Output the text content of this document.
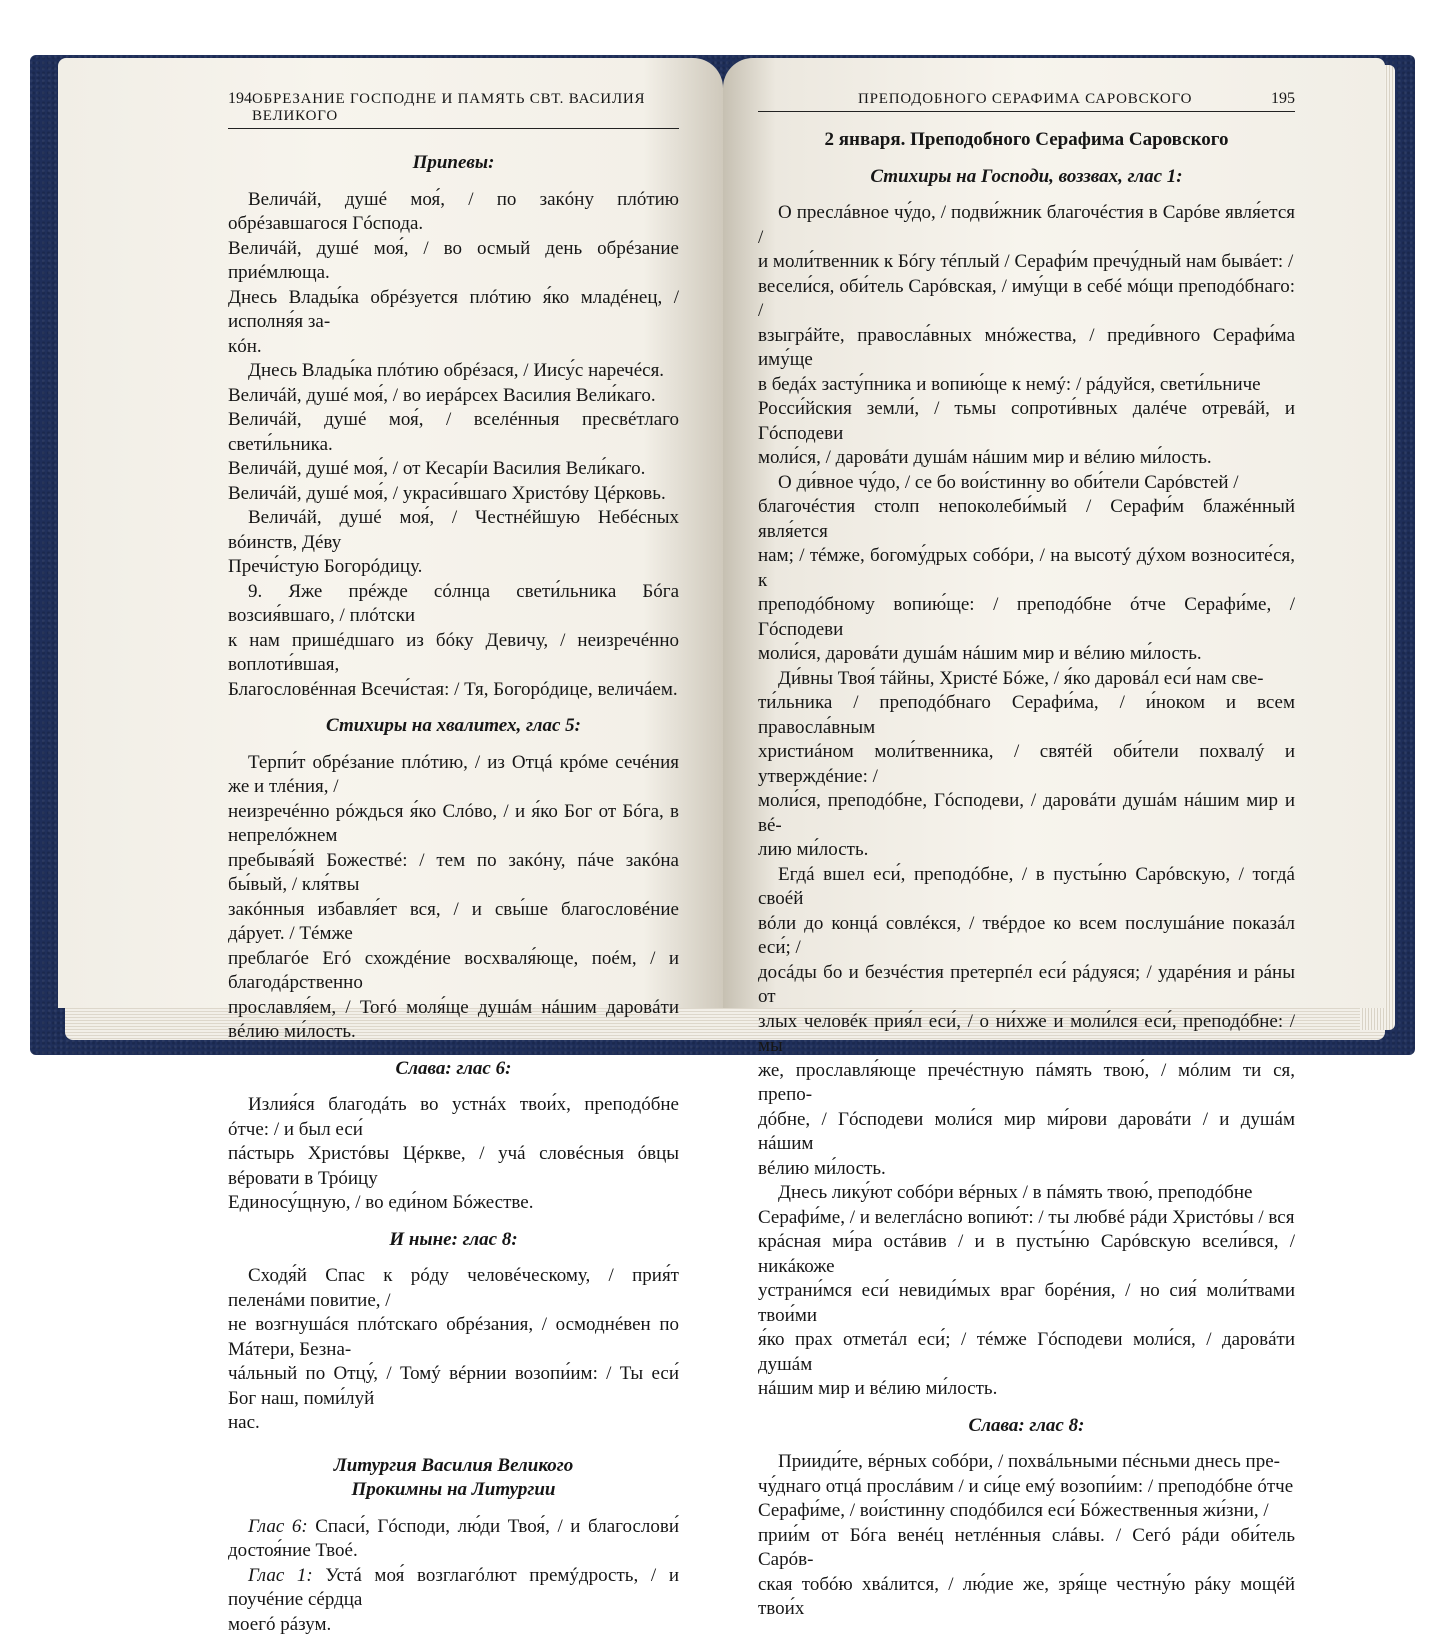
194 ОБРЕЗАНИЕ ГОСПОДНЕ И ПАМЯТЬ СВТ. ВАСИЛИЯ ВЕЛИКОГО

Припевы:

Величáй, душé моя́, / по закóну плóтию обрéзавшагося Гóспода.

Величáй, душé моя́, / во осмый день обрéзание приéмлюща.

Днесь Влады́ка обрéзуется плóтию я́ко младéнец, / исполня́я за-

кóн.

Днесь Влады́ка плóтию обрéзася, / Иису́с наречéся.

Величáй, душé моя́, / во иерáрсех Василия Вели́каго.

Величáй, душé моя́, / вселéнныя пресвéтлаго свети́льника.

Величáй, душé моя́, / от Кесарíи Василия Вели́каго.

Величáй, душé моя́, / украси́вшаго Христóву Цéрковь.

Величáй, душé моя́, / Честнéйшую Небéсных вóинств, Дéву

Пречи́стую Богорóдицу.

9. Яже прéжде сóлнца свети́льника Бóга возсия́вшаго, / плóтски

к нам пришéдшаго из бóку Девичу, / неизречéнно воплоти́вшая,

Благословéнная Всечи́стая: / Тя, Богорóдице, величáем.

Стихиры на хвалитех, глас 5:

Терпи́т обрéзание плóтию, / из Отцá крóме сечéния же и тлéния, /

неизречéнно рóждься я́ко Слóво, / и я́ко Бог от Бóга, в непрелóжнем

пребыва́яй Божествé: / тем по закóну, пáче закóна бы́вый, / кля́твы

закóнныя избавля́ет вся, / и свы́ше благословéние дáрует. / Тéмже

преблагóе Егó схождéние восхваля́юще, поéм, / и благодáрственно

прославля́ем, / Тогó моля́ще душáм нáшим даровáти вéлию ми́лость.

Слава: глас 6:

Излия́ся благодáть во устнáх твои́х, преподóбне óтче: / и был еси́

пáстырь Христóвы Цéркве, / учá словéсныя óвцы вéровати в Трóицу

Единосу́щную, / во еди́ном Бóжестве.

И ныне: глас 8:

Сходя́й Спас к рóду человéческому, / прия́т пеленáми повитие, /

не возгнушáся плóтскаго обрéзания, / осмоднéвен по Мáтери, Безна-

чáльный по Отцу́, / Томý вéрнии возопи́им: / Ты еси́ Бог наш, поми́луй

нас.

Литургия Василия Великого

Прокимны на Литургии

Глас 6: Спаси́, Гóсподи, лю́ди Твоя́, / и благослови́ достоя́ние Твоé.

Глас 1: Устá моя́ возглагóлют премýдрость, / и поучéние сéрдца

моегó рáзум.

ПРЕПОДОБНОГО СЕРАФИМА САРОВСКОГО	195

2 января. Преподобного Серафима Саровского

Стихиры на Господи, воззвах, глас 1:

О преслáвное чу́до, / подви́жник благочéстия в Сарóве явля́ется /

и моли́твенник к Бóгу тéплый / Серафи́м пречу́дный нам бывáет: /

весели́ся, оби́тель Сарóвская, / иму́щи в себé мóщи преподóбнаго: /

взыгрáйте, правосла́вных мнóжества, / преди́вного Серафи́ма иму́ще

в бедáх засту́пника и вопию́ще к немý: / рáдуйся, свети́льниче

Росси́йския земли́, / тьмы сопроти́вных далéче отрeвáй, и Гóсподеви

моли́ся, / даровáти душáм нáшим мир и вéлию ми́лость.

О ди́вное чу́до, / се бо вои́стинну во оби́тели Сарóвстей /

благочéстия столп непоколеби́мый / Серафи́м блажéнный явля́ется

нам; / тéмже, богому́дрых собóри, / на высотý дýхом возносите́ся, к

преподóбному вопию́ще: / преподóбне óтче Серафи́ме, / Гóсподеви

моли́ся, даровáти душáм нáшим мир и вéлию ми́лость.

Ди́вны Твоя́ тáйны, Христé Бóже, / я́ко даровáл еси́ нам све-

ти́льника / преподóбнаго Серафи́ма, / и́ноком и всем правосла́вным

христиáном моли́твенника, / святéй оби́тели похвалý и утверждéние: /

моли́ся, преподóбне, Гóсподеви, / даровáти душáм нáшим мир и вé-

лию ми́лость.

Егдá вшел еси́, преподóбне, / в пусты́ню Сарóвскую, / тогдá своéй

вóли до концá совлéкся, / твéрдое ко всем послушáние показáл еси́; /

досáды бо и безчéстия претерпéл еси́ рáдуяся; / ударéния и рáны от

злых человéк прия́л еси́, / о ни́хже и моли́лся еси́, преподóбне: / мы

же, прославля́юще пречéстную пáмять твою́, / мóлим ти ся, препо-

дóбне, / Гóсподеви моли́ся мир ми́рови даровáти / и душáм нáшим

вéлию ми́лость.

Днесь лику́ют собóри вéрных / в пáмять твою́, преподóбне

Серафи́ме, / и велеглáсно вопию́т: / ты любвé рáди Христóвы / вся

крáсная ми́ра остáвив / и в пусты́ню Сарóвскую всели́вся, / никáкоже

устрани́мся еси́ невиди́мых враг борéния, / но сия́ моли́твами твои́ми

я́ко прах отметáл еси́; / тéмже Гóсподеви моли́ся, / даровáти душáм

нáшим мир и вéлию ми́лость.

Слава: глас 8:

Прииди́те, вéрных собóри, / похвáльными пéсньми днесь пре-

чу́днаго отцá прослáвим / и си́це емý возопи́им: / преподóбне óтче

Серафи́ме, / вои́стинну сподóбился еси́ Бóжественныя жи́зни, /

прии́м от Бóга венéц нетлéнныя слáвы. / Сегó рáди оби́тель Сарóв-

ская тобóю хвáлится, / лю́дие же, зря́ще честну́ю рáку мощéй твои́х
